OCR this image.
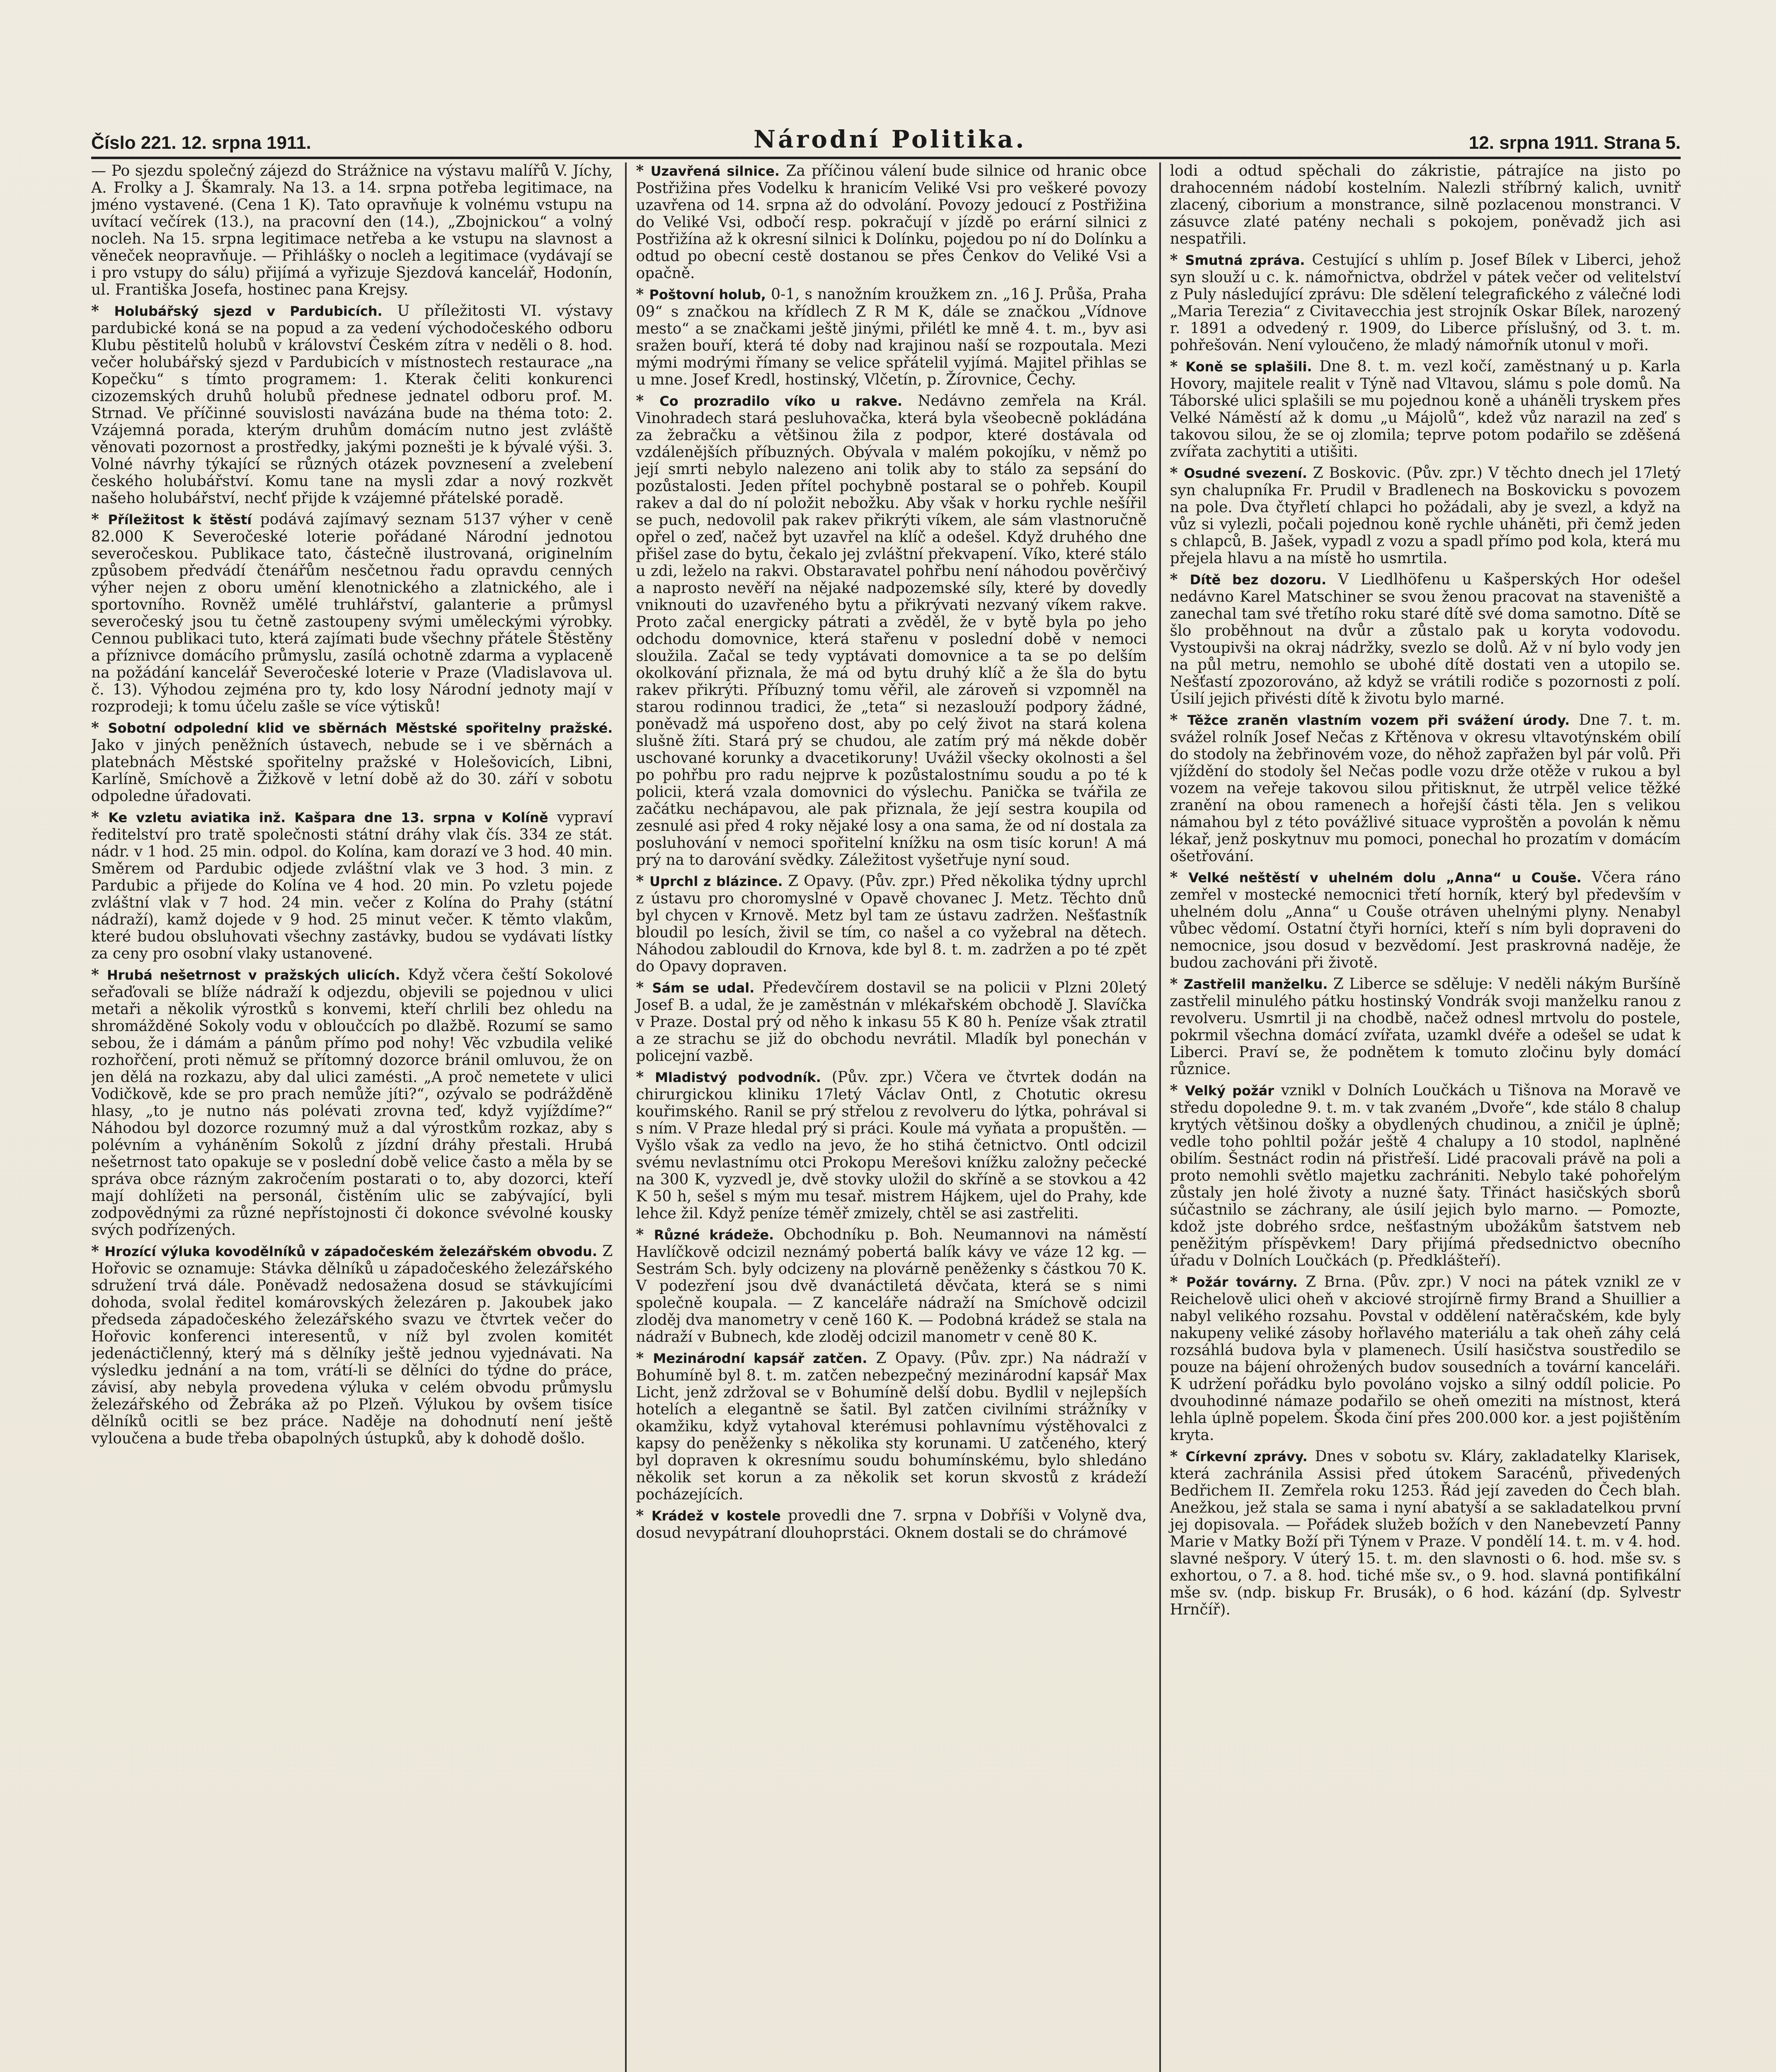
Číslo 221. 12. srpna 1911.	Národní Politika.	12. srpna 1911. Strana 5.

— Po sjezdu společný zájezd do Strážnice na výstavu malířů V. Jíchy, A. Frolky a J. Škamraly. Na 13. a 14. srpna potřeba legitimace, na jméno vystavené. (Cena 1 K). Tato opravňuje k volnému vstupu na uvítací večírek (13.), na pracovní den (14.), „Zbojnickou“ a volný nocleh. Na 15. srpna legitimace netřeba a ke vstupu na slavnost a věneček neopravňuje. — Přihlášky o nocleh a legitimace (vydávají se i pro vstupy do sálu) přijímá a vyřizuje Sjezdová kancelář, Hodonín, ul. Františka Josefa, hostinec pana Krejsy.

* Holubářský sjezd v Pardubicích. U příležitosti VI. výstavy pardubické koná se na popud a za vedení východočeského odboru Klubu pěstitelů holubů v království Českém zítra v neděli o 8. hod. večer holubářský sjezd v Pardubicích v místnostech restaurace „na Kopečku“ s tímto programem: 1. Kterak čeliti konkurenci cizozemských druhů holubů přednese jednatel odboru prof. M. Strnad. Ve příčinné souvislosti navázána bude na théma toto: 2. Vzájemná porada, kterým druhům domácím nutno jest zvláště věnovati pozornost a prostředky, jakými poznešti je k bývalé výši. 3. Volné návrhy týkající se různých otázek povznesení a zvelebení českého holubářství. Komu tane na mysli zdar a nový rozkvět našeho holubářství, nechť přijde k vzájemné přátelské poradě.

* Příležitost k štěstí podává zajímavý seznam 5137 výher v ceně 82.000 K Severočeské loterie pořádané Národní jednotou severočeskou. Publikace tato, částečně ilustrovaná, originelním způsobem předvádí čtenářům nesčetnou řadu opravdu cenných výher nejen z oboru umění klenotnického a zlatnického, ale i sportovního. Rovněž umělé truhlářství, galanterie a průmysl severočeský jsou tu četně zastoupeny svými uměleckými výrobky. Cennou publikaci tuto, která zajímati bude všechny přátele Štěstěny a příznivce domácího průmyslu, zasílá ochotně zdarma a vyplaceně na požádání kancelář Severočeské loterie v Praze (Vladislavova ul. č. 13). Výhodou zejména pro ty, kdo losy Národní jednoty mají v rozprodeji; k tomu účelu zašle se více výtisků!

* Sobotní odpolední klid ve sběrnách Městské spořitelny pražské. Jako v jiných peněžních ústavech, nebude se i ve sběrnách a platebnách Městské spořitelny pražské v Holešovicích, Libni, Karlíně, Smíchově a Žižkově v letní době až do 30. září v sobotu odpoledne úřadovati.

* Ke vzletu aviatika inž. Kašpara dne 13. srpna v Kolíně vypraví ředitelství pro tratě společnosti státní dráhy vlak čís. 334 ze stát. nádr. v 1 hod. 25 min. odpol. do Kolína, kam dorazí ve 3 hod. 40 min. Směrem od Pardubic odjede zvláštní vlak ve 3 hod. 3 min. z Pardubic a přijede do Kolína ve 4 hod. 20 min. Po vzletu pojede zvláštní vlak v 7 hod. 24 min. večer z Kolína do Prahy (státní nádraží), kamž dojede v 9 hod. 25 minut večer. K těmto vlakům, které budou obsluhovati všechny zastávky, budou se vydávati lístky za ceny pro osobní vlaky ustanovené.

* Hrubá nešetrnost v pražských ulicích. Když včera čeští Sokolové seřaďovali se blíže nádraží k odjezdu, objevili se pojednou v ulici metaři a několik výrostků s konvemi, kteří chrlili bez ohledu na shromážděné Sokoly vodu v obloučcích po dlažbě. Rozumí se samo sebou, že i dámám a pánům přímo pod nohy! Věc vzbudila veliké rozhořčení, proti němuž se přítomný dozorce bránil omluvou, že on jen dělá na rozkazu, aby dal ulici zamésti. „A proč nemetete v ulici Vodičkově, kde se pro prach nemůže jíti?“, ozývalo se podrážděně hlasy, „to je nutno nás polévati zrovna teď, když vyjíždíme?“ Náhodou byl dozorce rozumný muž a dal výrostkům rozkaz, aby s polévním a vyháněním Sokolů z jízdní dráhy přestali. Hrubá nešetrnost tato opakuje se v poslední době velice často a měla by se správa obce rázným zakročením postarati o to, aby dozorci, kteří mají dohlížeti na personál, čistěním ulic se zabývající, byli zodpovědnými za různé nepřístojnosti či dokonce svévolné kousky svých podřízených.

* Hrozící výluka kovodělníků v západočeském železářském obvodu. Z Hořovic se oznamuje: Stávka dělníků u západočeského železářského sdružení trvá dále. Poněvadž nedosažena dosud se stávkujícími dohoda, svolal ředitel komárovských železáren p. Jakoubek jako předseda západočeského železářského svazu ve čtvrtek večer do Hořovic konferenci interesentů, v níž byl zvolen komitét jedenáctičlenný, který má s dělníky ještě jednou vyjednávati. Na výsledku jednání a na tom, vrátí-li se dělníci do týdne do práce, závisí, aby nebyla provedena výluka v celém obvodu průmyslu železářského od Žebráka až po Plzeň. Výlukou by ovšem tisíce dělníků ocitli se bez práce. Naděje na dohodnutí není ještě vyloučena a bude třeba obapolných ústupků, aby k dohodě došlo.

* Uzavřená silnice. Za příčinou válení bude silnice od hranic obce Postřižina přes Vodelku k hranicím Veliké Vsi pro veškeré povozy uzavřena od 14. srpna až do odvolání. Povozy jedoucí z Postřižina do Veliké Vsi, odbočí resp. pokračují v jízdě po erární silnici z Postřižína až k okresní silnici k Dolínku, pojedou po ní do Dolínku a odtud po obecní cestě dostanou se přes Čenkov do Veliké Vsi a opačně.

* Poštovní holub, 0-1, s nanožním kroužkem zn. „16 J. Průša, Praha 09“ s značkou na křídlech Z R M K, dále se značkou „Vídnove mesto“ a se značkami ještě jinými, přilétl ke mně 4. t. m., byv asi sražen bouří, která té doby nad krajinou naší se rozpoutala. Mezi mými modrými římany se velice spřátelil vyjímá. Majitel přihlas se u mne. Josef Kredl, hostinský, Vlčetín, p. Žírovnice, Čechy.

* Co prozradilo víko u rakve. Nedávno zemřela na Král. Vinohradech stará pesluhovačka, která byla všeobecně pokládána za žebračku a většinou žila z podpor, které dostávala od vzdálenějších příbuzných. Obývala v malém pokojíku, v němž po její smrti nebylo nalezeno ani tolik aby to stálo za sepsání do pozůstalosti. Jeden přítel pochybně postaral se o pohřeb. Koupil rakev a dal do ní položit nebožku. Aby však v horku rychle nešířil se puch, nedovolil pak rakev přikrýti víkem, ale sám vlastnoručně opřel o zeď, načež byt uzavřel na klíč a odešel. Když druhého dne přišel zase do bytu, čekalo jej zvláštní překvapení. Víko, které stálo u zdi, leželo na rakvi. Obstaravatel pohřbu není náhodou pověrčivý a naprosto nevěří na nějaké nadpozemské síly, které by dovedly vniknouti do uzavřeného bytu a přikrývati nezvaný víkem rakve. Proto začal energicky pátrati a zvěděl, že v bytě byla po jeho odchodu domovnice, která stařenu v poslední době v nemoci sloužila. Začal se tedy vyptávati domovnice a ta se po delším okolkování přiznala, že má od bytu druhý klíč a že šla do bytu rakev přikrýti. Příbuzný tomu věřil, ale zároveň si vzpomněl na starou rodinnou tradici, že „teta“ si nezaslouží podpory žádné, poněvadž má uspořeno dost, aby po celý život na stará kolena slušně žíti. Stará prý se chudou, ale zatím prý má někde doběr uschované korunky a dvacetikoruny! Uvážil všecky okolnosti a šel po pohřbu pro radu nejprve k pozůstalostnímu soudu a po té k policii, která vzala domovnici do výslechu. Panička se tvářila ze začátku nechápavou, ale pak přiznala, že její sestra koupila od zesnulé asi před 4 roky nějaké losy a ona sama, že od ní dostala za posluhování v nemoci spořitelní knížku na osm tisíc korun! A má prý na to darování svědky. Záležitost vyšetřuje nyní soud.

* Uprchl z blázince. Z Opavy. (Pův. zpr.) Před několika týdny uprchl z ústavu pro choromyslné v Opavě chovanec J. Metz. Těchto dnů byl chycen v Krnově. Metz byl tam ze ústavu zadržen. Nešťastník bloudil po lesích, živil se tím, co našel a co vyžebral na dětech. Náhodou zabloudil do Krnova, kde byl 8. t. m. zadržen a po té zpět do Opavy dopraven.

* Sám se udal. Předevčírem dostavil se na policii v Plzni 20letý Josef B. a udal, že je zaměstnán v mlékařském obchodě J. Slavíčka v Praze. Dostal prý od něho k inkasu 55 K 80 h. Peníze však ztratil a ze strachu se již do obchodu nevrátil. Mladík byl ponechán v policejní vazbě.

* Mladistvý podvodník. (Pův. zpr.) Včera ve čtvrtek dodán na chirurgickou kliniku 17letý Václav Ontl, z Chotutic okresu kouřimského. Ranil se prý střelou z revolveru do lýtka, pohrával si s ním. V Praze hledal prý si práci. Koule má vyňata a propuštěn. — Vyšlo však za vedlo na jevo, že ho stihá četnictvo. Ontl odcizil svému nevlastnímu otci Prokopu Merešovi knížku založny pečecké na 300 K, vyzvedl je, dvě stovky uložil do skříně a se stovkou a 42 K 50 h, sešel s mým mu tesař. mistrem Hájkem, ujel do Prahy, kde lehce žil. Když peníze téměř zmizely, chtěl se asi zastřeliti.

* Různé krádeže. Obchodníku p. Boh. Neumannovi na náměstí Havlíčkově odcizil neznámý pobertá balík kávy ve váze 12 kg. — Sestrám Sch. byly odcizeny na plovárně peněženky s částkou 70 K. V podezření jsou dvě dvanáctiletá děvčata, která se s nimi společně koupala. — Z kanceláře nádraží na Smíchově odcizil zloděj dva manometry v ceně 160 K. — Podobná krádež se stala na nádraží v Bubnech, kde zloděj odcizil manometr v ceně 80 K.

* Mezinárodní kapsář zatčen. Z Opavy. (Pův. zpr.) Na nádraží v Bohumíně byl 8. t. m. zatčen nebezpečný mezinárodní kapsář Max Licht, jenž zdržoval se v Bohumíně delší dobu. Bydlil v nejlepších hotelích a elegantně se šatil. Byl zatčen civilními strážníky v okamžiku, když vytahoval kterémusi pohlavnímu výstěhovalci z kapsy do peněženky s několika sty korunami. U zatčeného, který byl dopraven k okresnímu soudu bohumínskému, bylo shledáno několik set korun a za několik set korun skvostů z krádeží pocházejících.

* Krádež v kostele provedli dne 7. srpna v Dobříši v Volyně dva, dosud nevypátraní dlouhoprstáci. Oknem dostali se do chrámové

lodi a odtud spěchali do zákristie, pátrajíce na jisto po drahocenném nádobí kostelním. Nalezli stříbrný kalich, uvnitř zlacený, ciborium a monstrance, silně pozlacenou monstranci. V zásuvce zlaté patény nechali s pokojem, poněvadž jich asi nespatřili.

* Smutná zpráva. Cestující s uhlím p. Josef Bílek v Liberci, jehož syn slouží u c. k. námořnictva, obdržel v pátek večer od velitelství z Puly následující zprávu: Dle sdělení telegrafického z válečné lodi „Maria Terezia“ z Civitavecchia jest strojník Oskar Bílek, narozený r. 1891 a odvedený r. 1909, do Liberce příslušný, od 3. t. m. pohřešován. Není vyloučeno, že mladý námořník utonul v moři.

* Koně se splašili. Dne 8. t. m. vezl kočí, zaměstnaný u p. Karla Hovory, majitele realit v Týně nad Vltavou, slámu s pole domů. Na Táborské ulici splašili se mu pojednou koně a uháněli tryskem přes Velké Náměstí až k domu „u Májolů“, kdež vůz narazil na zeď s takovou silou, že se oj zlomila; teprve potom podařilo se zděšená zvířata zachytiti a utišiti.

* Osudné svezení. Z Boskovic. (Pův. zpr.) V těchto dnech jel 17letý syn chalupníka Fr. Prudil v Bradlenech na Boskovicku s povozem na pole. Dva čtyřletí chlapci ho požádali, aby je svezl, a když na vůz si vylezli, počali pojednou koně rychle uháněti, při čemž jeden s chlapců, B. Jašek, vypadl z vozu a spadl přímo pod kola, která mu přejela hlavu a na místě ho usmrtila.

* Dítě bez dozoru. V Liedlhöfenu u Kašperských Hor odešel nedávno Karel Matschiner se svou ženou pracovat na staveniště a zanechal tam své třetího roku staré dítě své doma samotno. Dítě se šlo proběhnout na dvůr a zůstalo pak u koryta vodovodu. Vystoupivši na okraj nádržky, svezlo se dolů. Až v ní bylo vody jen na půl metru, nemohlo se ubohé dítě dostati ven a utopilo se. Nešťastí zpozorováno, až když se vrátili rodiče s pozornosti z polí. Úsilí jejich přivésti dítě k životu bylo marné.

* Těžce zraněn vlastním vozem při svážení úrody. Dne 7. t. m. svážel rolník Josef Nečas z Křtěnova v okresu vltavotýnském obilí do stodoly na žebřinovém voze, do něhož zapřažen byl pár volů. Při vjíždění do stodoly šel Nečas podle vozu drže otěže v rukou a byl vozem na veřeje takovou silou přitisknut, že utrpěl velice těžké zranění na obou ramenech a hořejší části těla. Jen s velikou námahou byl z této povážlivé situace vyproštěn a povolán k němu lékař, jenž poskytnuv mu pomoci, ponechal ho prozatím v domácím ošetřování.

* Velké neštěstí v uhelném dolu „Anna“ u Couše. Včera ráno zemřel v mostecké nemocnici třetí horník, který byl především v uhelném dolu „Anna“ u Couše otráven uhelnými plyny. Nenabyl vůbec vědomí. Ostatní čtyři horníci, kteří s ním byli dopraveni do nemocnice, jsou dosud v bezvědomí. Jest praskrovná naděje, že budou zachováni při životě.

* Zastřelil manželku. Z Liberce se sděluje: V neděli nákým Buršíně zastřelil minulého pátku hostinský Vondrák svoji manželku ranou z revolveru. Usmrtil ji na chodbě, načež odnesl mrtvolu do postele, pokrmil všechna domácí zvířata, uzamkl dvéře a odešel se udat k Liberci. Praví se, že podnětem k tomuto zločinu byly domácí různice.

* Velký požár vznikl v Dolních Loučkách u Tišnova na Moravě ve středu dopoledne 9. t. m. v tak zvaném „Dvoře“, kde stálo 8 chalup krytých většinou došky a obydlených chudinou, a zničil je úplně; vedle toho pohltil požár ještě 4 chalupy a 10 stodol, naplněné obilím. Šestnáct rodin ná přistřeší. Lidé pracovali právě na poli a proto nemohli světlo majetku zachrániti. Nebylo také pohořelým zůstaly jen holé životy a nuzné šaty. Třináct hasičských sborů súčastnilo se záchrany, ale úsilí jejich bylo marno. — Pomozte, kdož jste dobrého srdce, nešťastným ubožákům šatstvem neb peněžitým příspěvkem! Dary přijímá předsednictvo obecního úřadu v Dolních Loučkách (p. Předklášteří).

* Požár továrny. Z Brna. (Pův. zpr.) V noci na pátek vznikl ze v Reichelově ulici oheň v akciové strojírně firmy Brand a Shuillier a nabyl velikého rozsahu. Povstal v oddělení natěračském, kde byly nakupeny veliké zásoby hořlavého materiálu a tak oheň záhy celá rozsáhlá budova byla v plamenech. Úsilí hasičstva soustředilo se pouze na bájení ohrožených budov sousedních a tovární kanceláři. K udržení pořádku bylo povoláno vojsko a silný oddíl policie. Po dvouhodinné námaze podařilo se oheň omeziti na místnost, která lehla úplně popelem. Škoda činí přes 200.000 kor. a jest pojištěním kryta.

* Církevní zprávy. Dnes v sobotu sv. Kláry, zakladatelky Klarisek, která zachránila Assisi před útokem Saracénů, přivedených Bedřichem II. Zemřela roku 1253. Řád její zaveden do Čech blah. Anežkou, jež stala se sama i nyní abatyší a se sakladatelkou první jej dopisovala. — Pořádek služeb božích v den Nanebevzetí Panny Marie v Matky Boží při Týnem v Praze. V pondělí 14. t. m. v 4. hod. slavné nešpory. V úterý 15. t. m. den slavnosti o 6. hod. mše sv. s exhortou, o 7. a 8. hod. tiché mše sv., o 9. hod. slavná pontifikální mše sv. (ndp. biskup Fr. Brusák), o 6 hod. kázání (dp. Sylvestr Hrnčíř).
